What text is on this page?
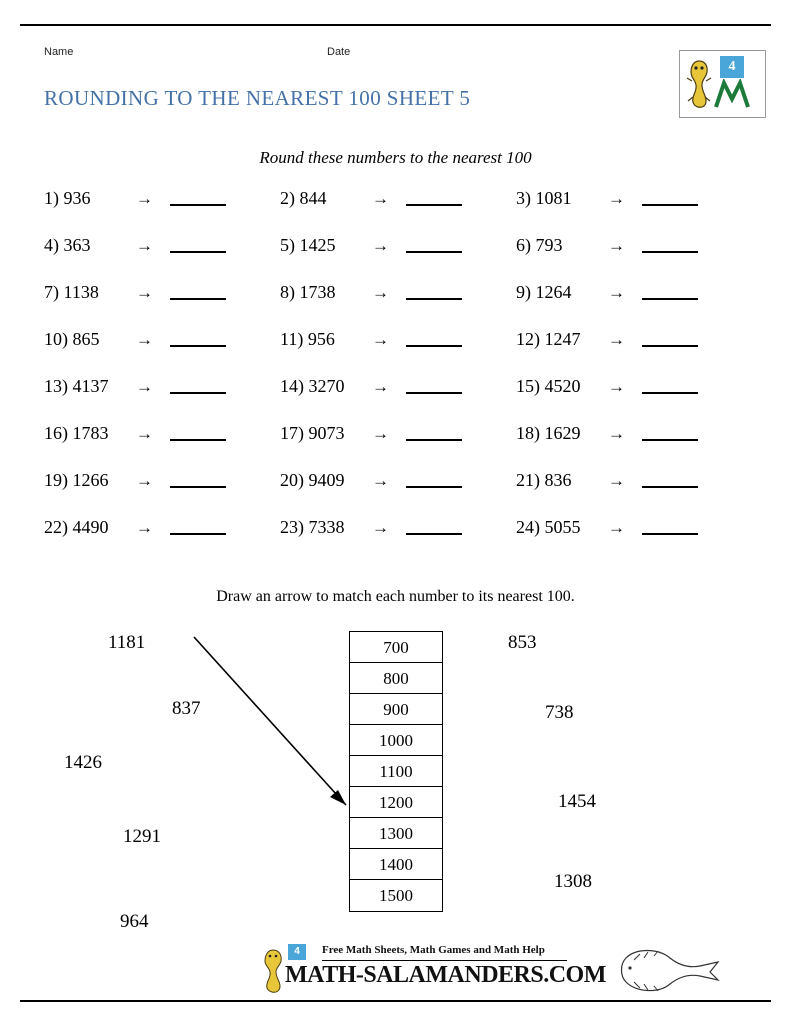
Name	Date
ROUNDING TO THE NEAREST 100 SHEET 5
4
Round these numbers to the nearest 100
1) 936	→	2) 844	→	3) 1081 →
4) 363	→	5) 1425 →	6) 793	→
7) 1138 →	8) 1738 →	9) 1264 →
10) 865 →	11) 956 →	12) 1247 →
13) 4137 →	14) 3270 →	15) 4520 →
16) 1783 →	17) 9073 →	18) 1629 →
19) 1266 →	20) 9409 →	21) 836 →
22) 4490 →	23) 7338 →	24) 5055 →
Draw an arrow to match each number to its nearest 100.
700
800
900
1000
1100
1200
1300
1400
1500
1181
837
1426
1291
964
853
738
1454
1308
4	Free Math Sheets, Math Games and Math Help
MATH-SALAMANDERS.COM
